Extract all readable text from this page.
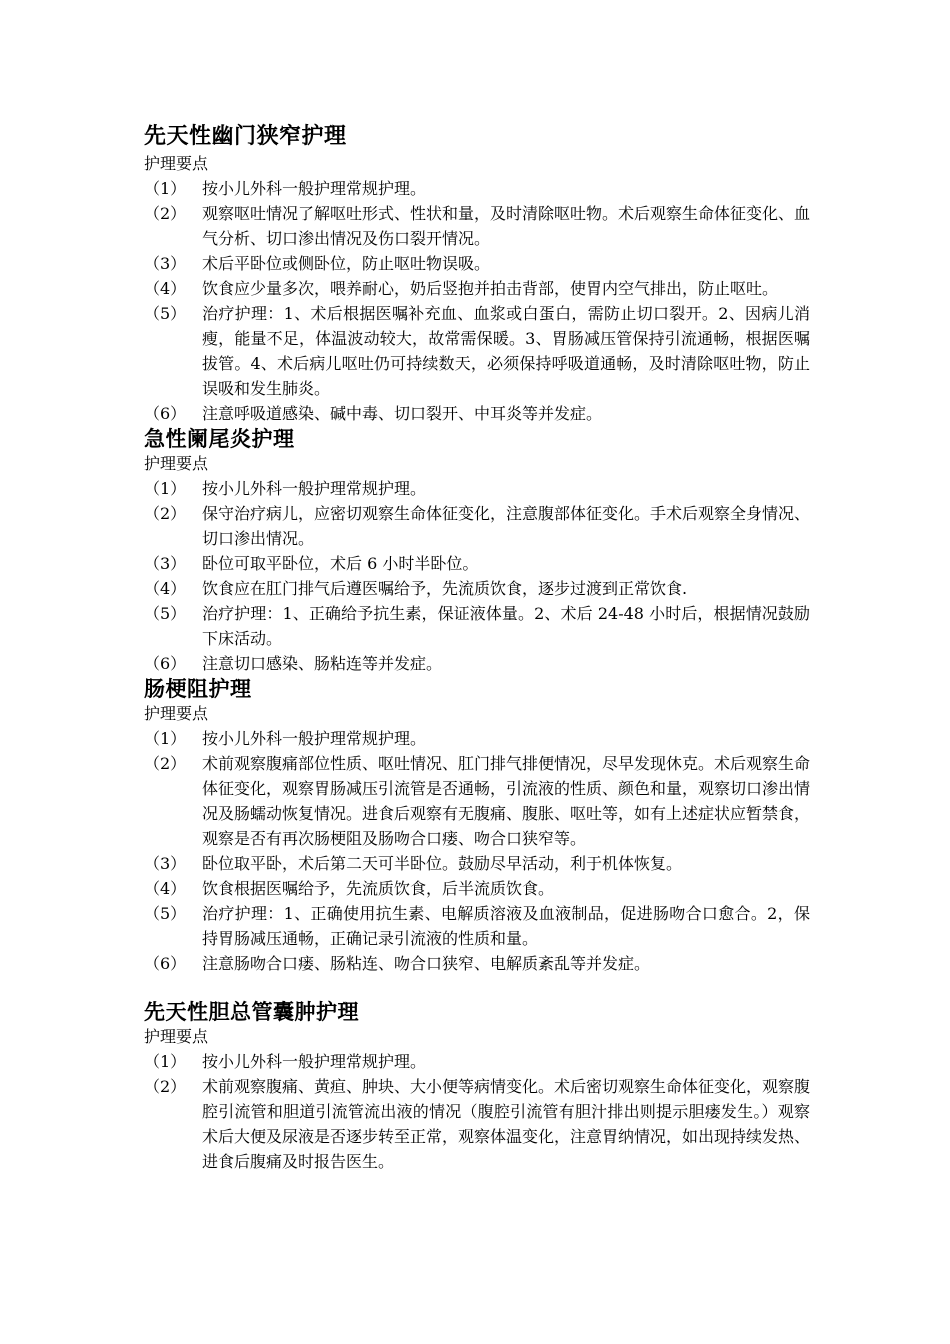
先天性幽门狭窄护理

护理要点

（1） 按小儿外科一般护理常规护理。
（2） 观察呕吐情况了解呕吐形式、性状和量，及时清除呕吐物。术后观察生命体征变化、血气分析、切口渗出情况及伤口裂开情况。
（3） 术后平卧位或侧卧位，防止呕吐物误吸。
（4） 饮食应少量多次，喂养耐心，奶后竖抱并拍击背部，使胃内空气排出，防止呕吐。
（5） 治疗护理：1、术后根据医嘱补充血、血浆或白蛋白，需防止切口裂开。2、因病儿消瘦，能量不足，体温波动较大，故常需保暖。3、胃肠减压管保持引流通畅，根据医嘱拔管。4、术后病儿呕吐仍可持续数天，必须保持呼吸道通畅，及时清除呕吐物，防止误吸和发生肺炎。
（6） 注意呼吸道感染、碱中毒、切口裂开、中耳炎等并发症。
急性阑尾炎护理

护理要点

（1） 按小儿外科一般护理常规护理。
（2） 保守治疗病儿，应密切观察生命体征变化，注意腹部体征变化。手术后观察全身情况、切口渗出情况。
（3） 卧位可取平卧位，术后 6 小时半卧位。
（4） 饮食应在肛门排气后遵医嘱给予，先流质饮食，逐步过渡到正常饮食.
（5） 治疗护理：1、正确给予抗生素，保证液体量。2、术后 24-48 小时后，根据情况鼓励下床活动。
（6） 注意切口感染、肠粘连等并发症。
肠梗阻护理

护理要点

（1） 按小儿外科一般护理常规护理。
（2） 术前观察腹痛部位性质、呕吐情况、肛门排气排便情况，尽早发现休克。术后观察生命体征变化，观察胃肠减压引流管是否通畅，引流液的性质、颜色和量，观察切口渗出情况及肠蠕动恢复情况。进食后观察有无腹痛、腹胀、呕吐等，如有上述症状应暂禁食，观察是否有再次肠梗阻及肠吻合口瘘、吻合口狭窄等。
（3） 卧位取平卧，术后第二天可半卧位。鼓励尽早活动，利于机体恢复。
（4） 饮食根据医嘱给予，先流质饮食，后半流质饮食。
（5） 治疗护理：1、正确使用抗生素、电解质溶液及血液制品，促进肠吻合口愈合。2，保持胃肠减压通畅，正确记录引流液的性质和量。
（6） 注意肠吻合口瘘、肠粘连、吻合口狭窄、电解质紊乱等并发症。
先天性胆总管囊肿护理

护理要点

（1） 按小儿外科一般护理常规护理。
（2） 术前观察腹痛、黄疸、肿块、大小便等病情变化。术后密切观察生命体征变化，观察腹腔引流管和胆道引流管流出液的情况（腹腔引流管有胆汁排出则提示胆瘘发生。）观察术后大便及尿液是否逐步转至正常，观察体温变化，注意胃纳情况，如出现持续发热、进食后腹痛及时报告医生。
